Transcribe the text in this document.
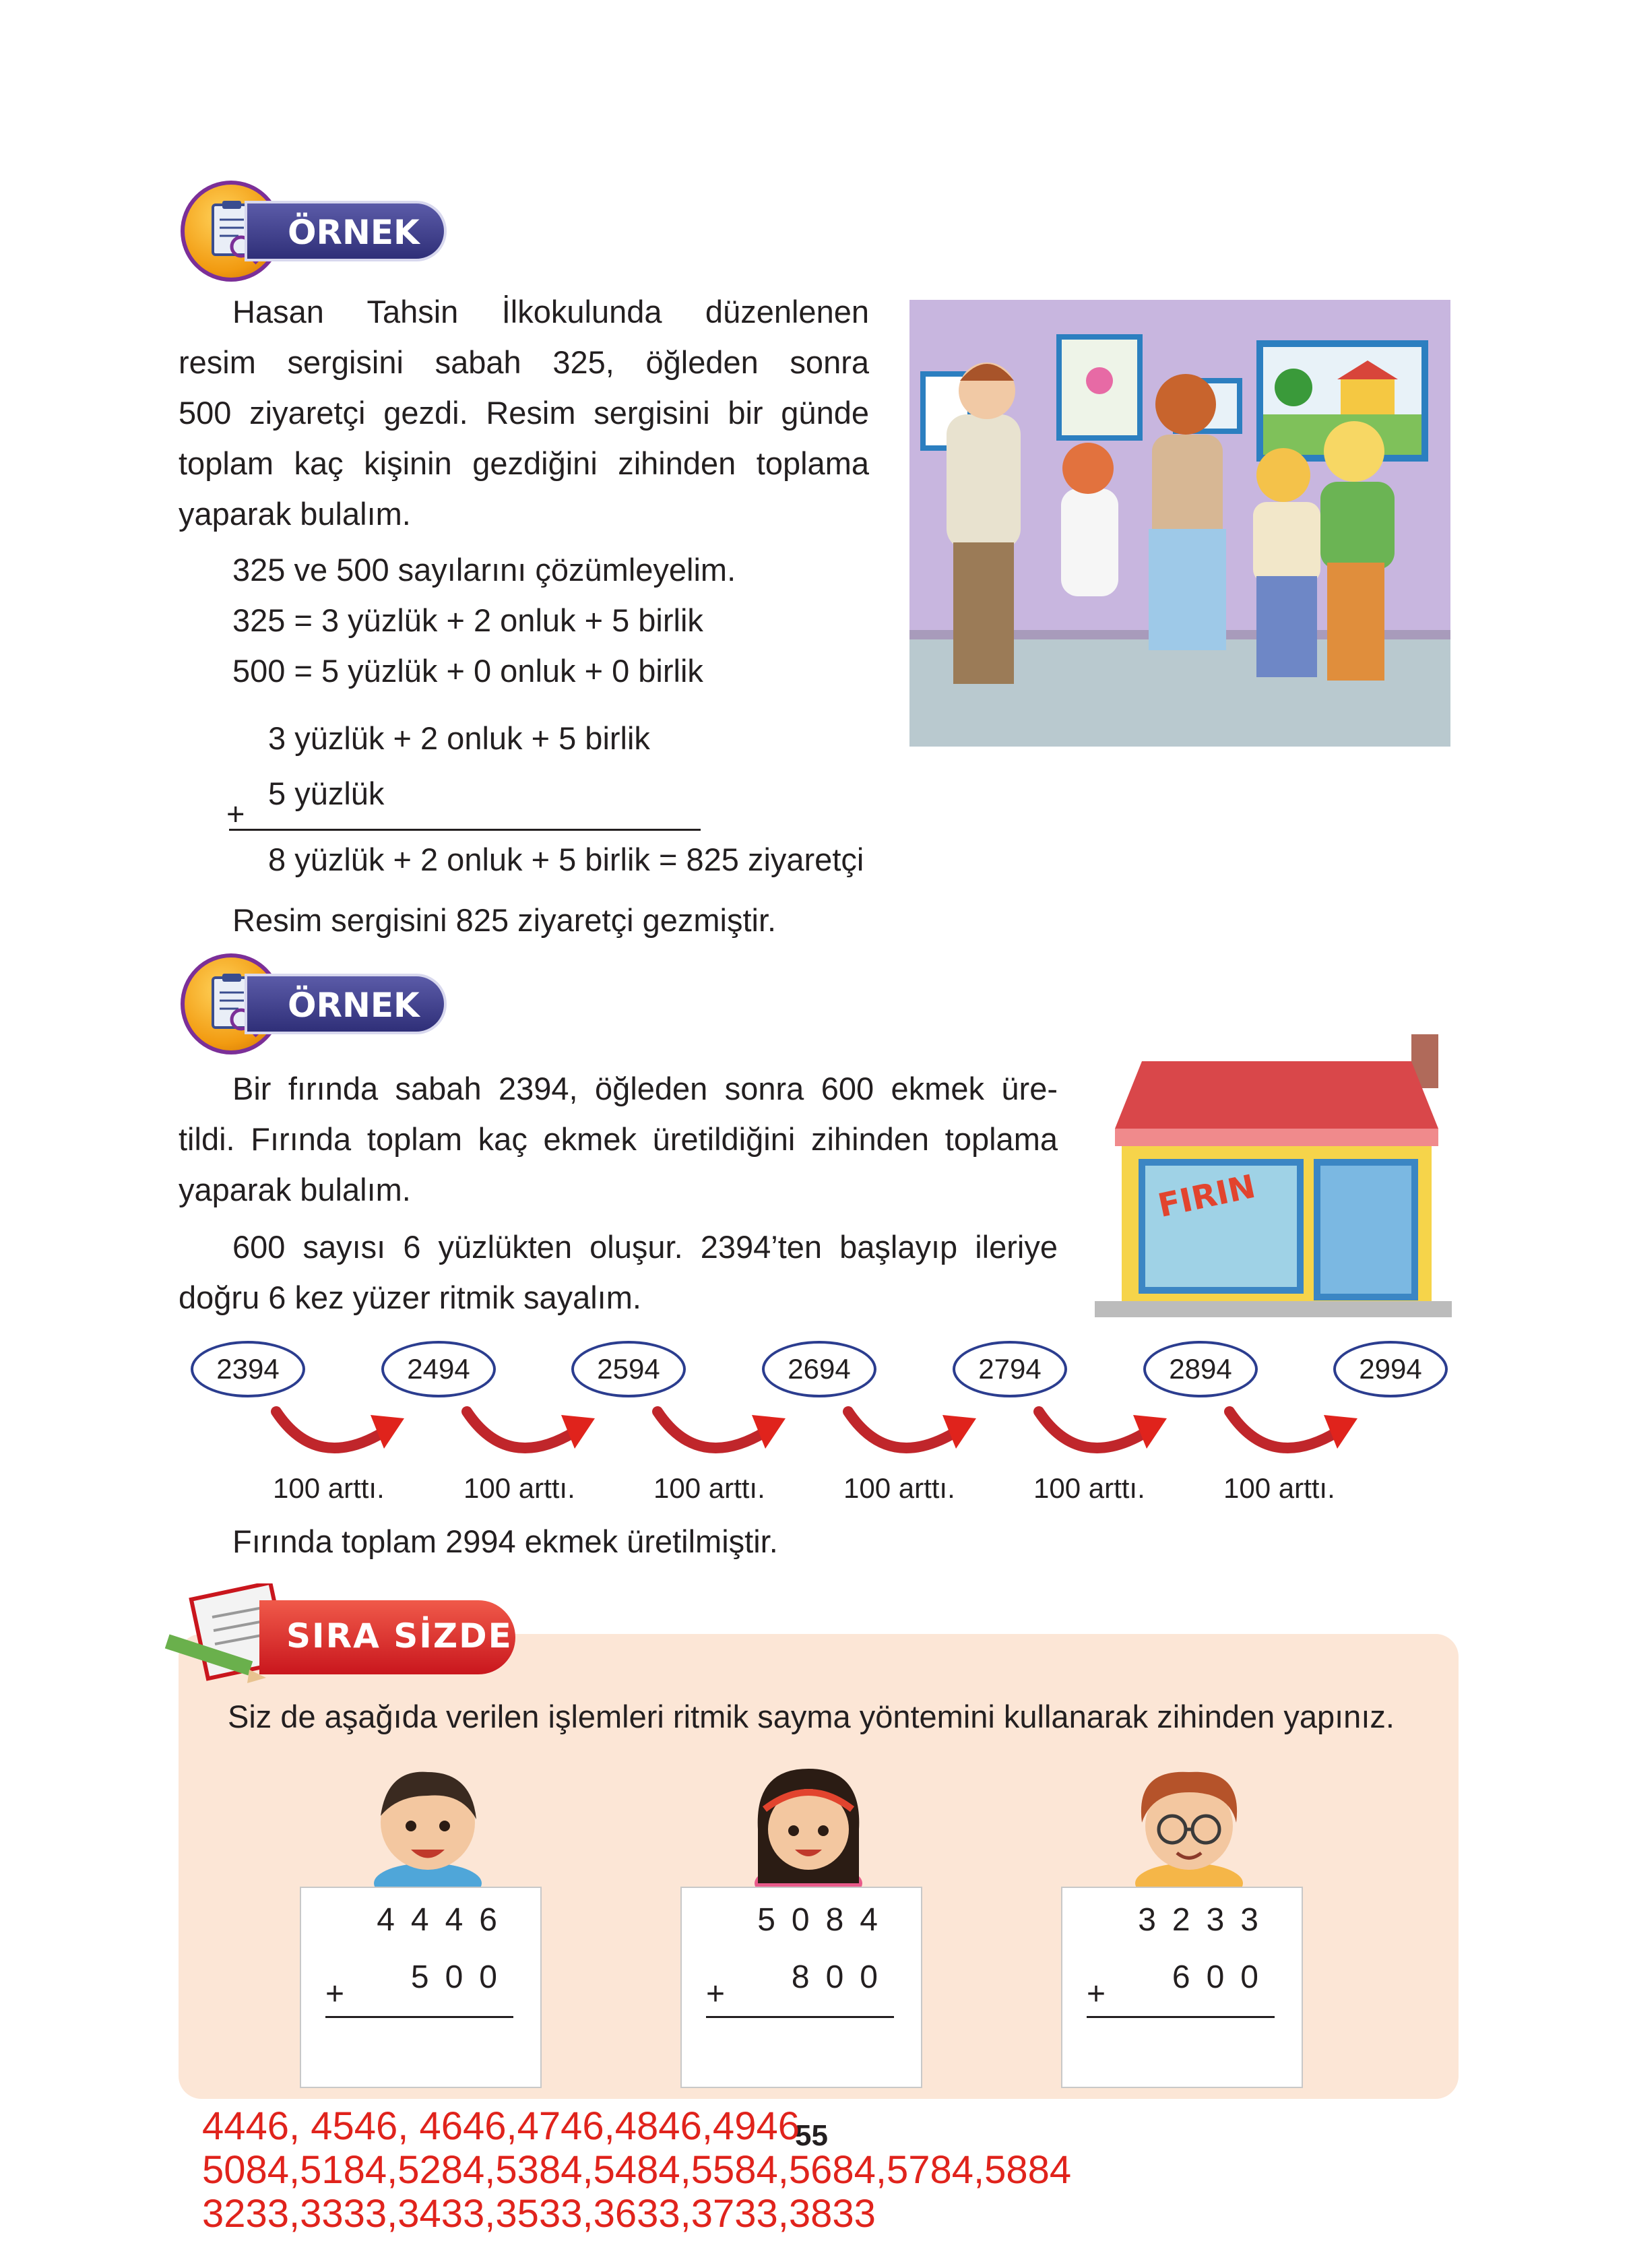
ÖRNEK
Hasan Tahsin İlkokulunda düzenlenen
resim sergisini sabah 325, öğleden sonra
500 ziyaretçi gezdi. Resim sergisini bir günde
toplam kaç kişinin gezdiğini zihinden toplama
yaparak bulalım.
325 ve 500 sayılarını çözümleyelim.
325 = 3 yüzlük + 2 onluk + 5 birlik
500 = 5 yüzlük + 0 onluk + 0 birlik
3 yüzlük + 2 onluk + 5 birlik
5 yüzlük
+
8 yüzlük + 2 onluk + 5 birlik = 825 ziyaretçi
Resim sergisini 825 ziyaretçi gezmiştir.
ÖRNEK
Bir fırında sabah 2394, öğleden sonra 600 ekmek üre-
tildi. Fırında toplam kaç ekmek üretildiğini zihinden toplama
yaparak bulalım.
600 sayısı 6 yüzlükten oluşur. 2394’ten başlayıp ileriye
doğru 6 kez yüzer ritmik sayalım.
FIRIN
2394	2494	2594	2694	2794	2894	2994
100 arttı.	100 arttı.	100 arttı.	100 arttı.	100 arttı.	100 arttı.
Fırında toplam 2994 ekmek üretilmiştir.
SIRA SİZDE
Siz de aşağıda verilen işlemleri ritmik sayma yöntemini kullanarak zihinden yapınız.
4446
500
+
5084
800
+
3233
600
+
55
4446, 4546, 4646,4746,4846,4946
5084,5184,5284,5384,5484,5584,5684,5784,5884
3233,3333,3433,3533,3633,3733,3833
